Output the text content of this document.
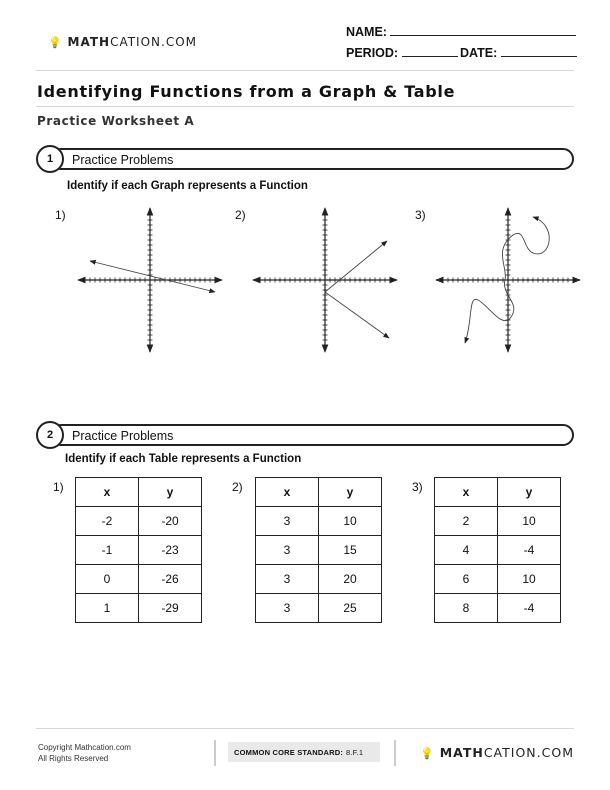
💡 MATHCATION.COM
NAME:
PERIOD:	DATE:
Identifying Functions from a Graph & Table
Practice Worksheet A
1	Practice Problems
Identify if each Graph represents a Function
1)	2)	3)
2	Practice Problems
Identify if each Table represents a Function
1)	2)	3)
x	y
-2	-20
-1	-23
0	-26
1	-29
x	y
3	10
3	15
3	20
3	25
x	y
2	10
4	-4
6	10
8	-4
Copyright Mathcation.com
All Rights Reserved
COMMON CORE STANDARD: 8.F.1	💡 MATHCATION.COM
